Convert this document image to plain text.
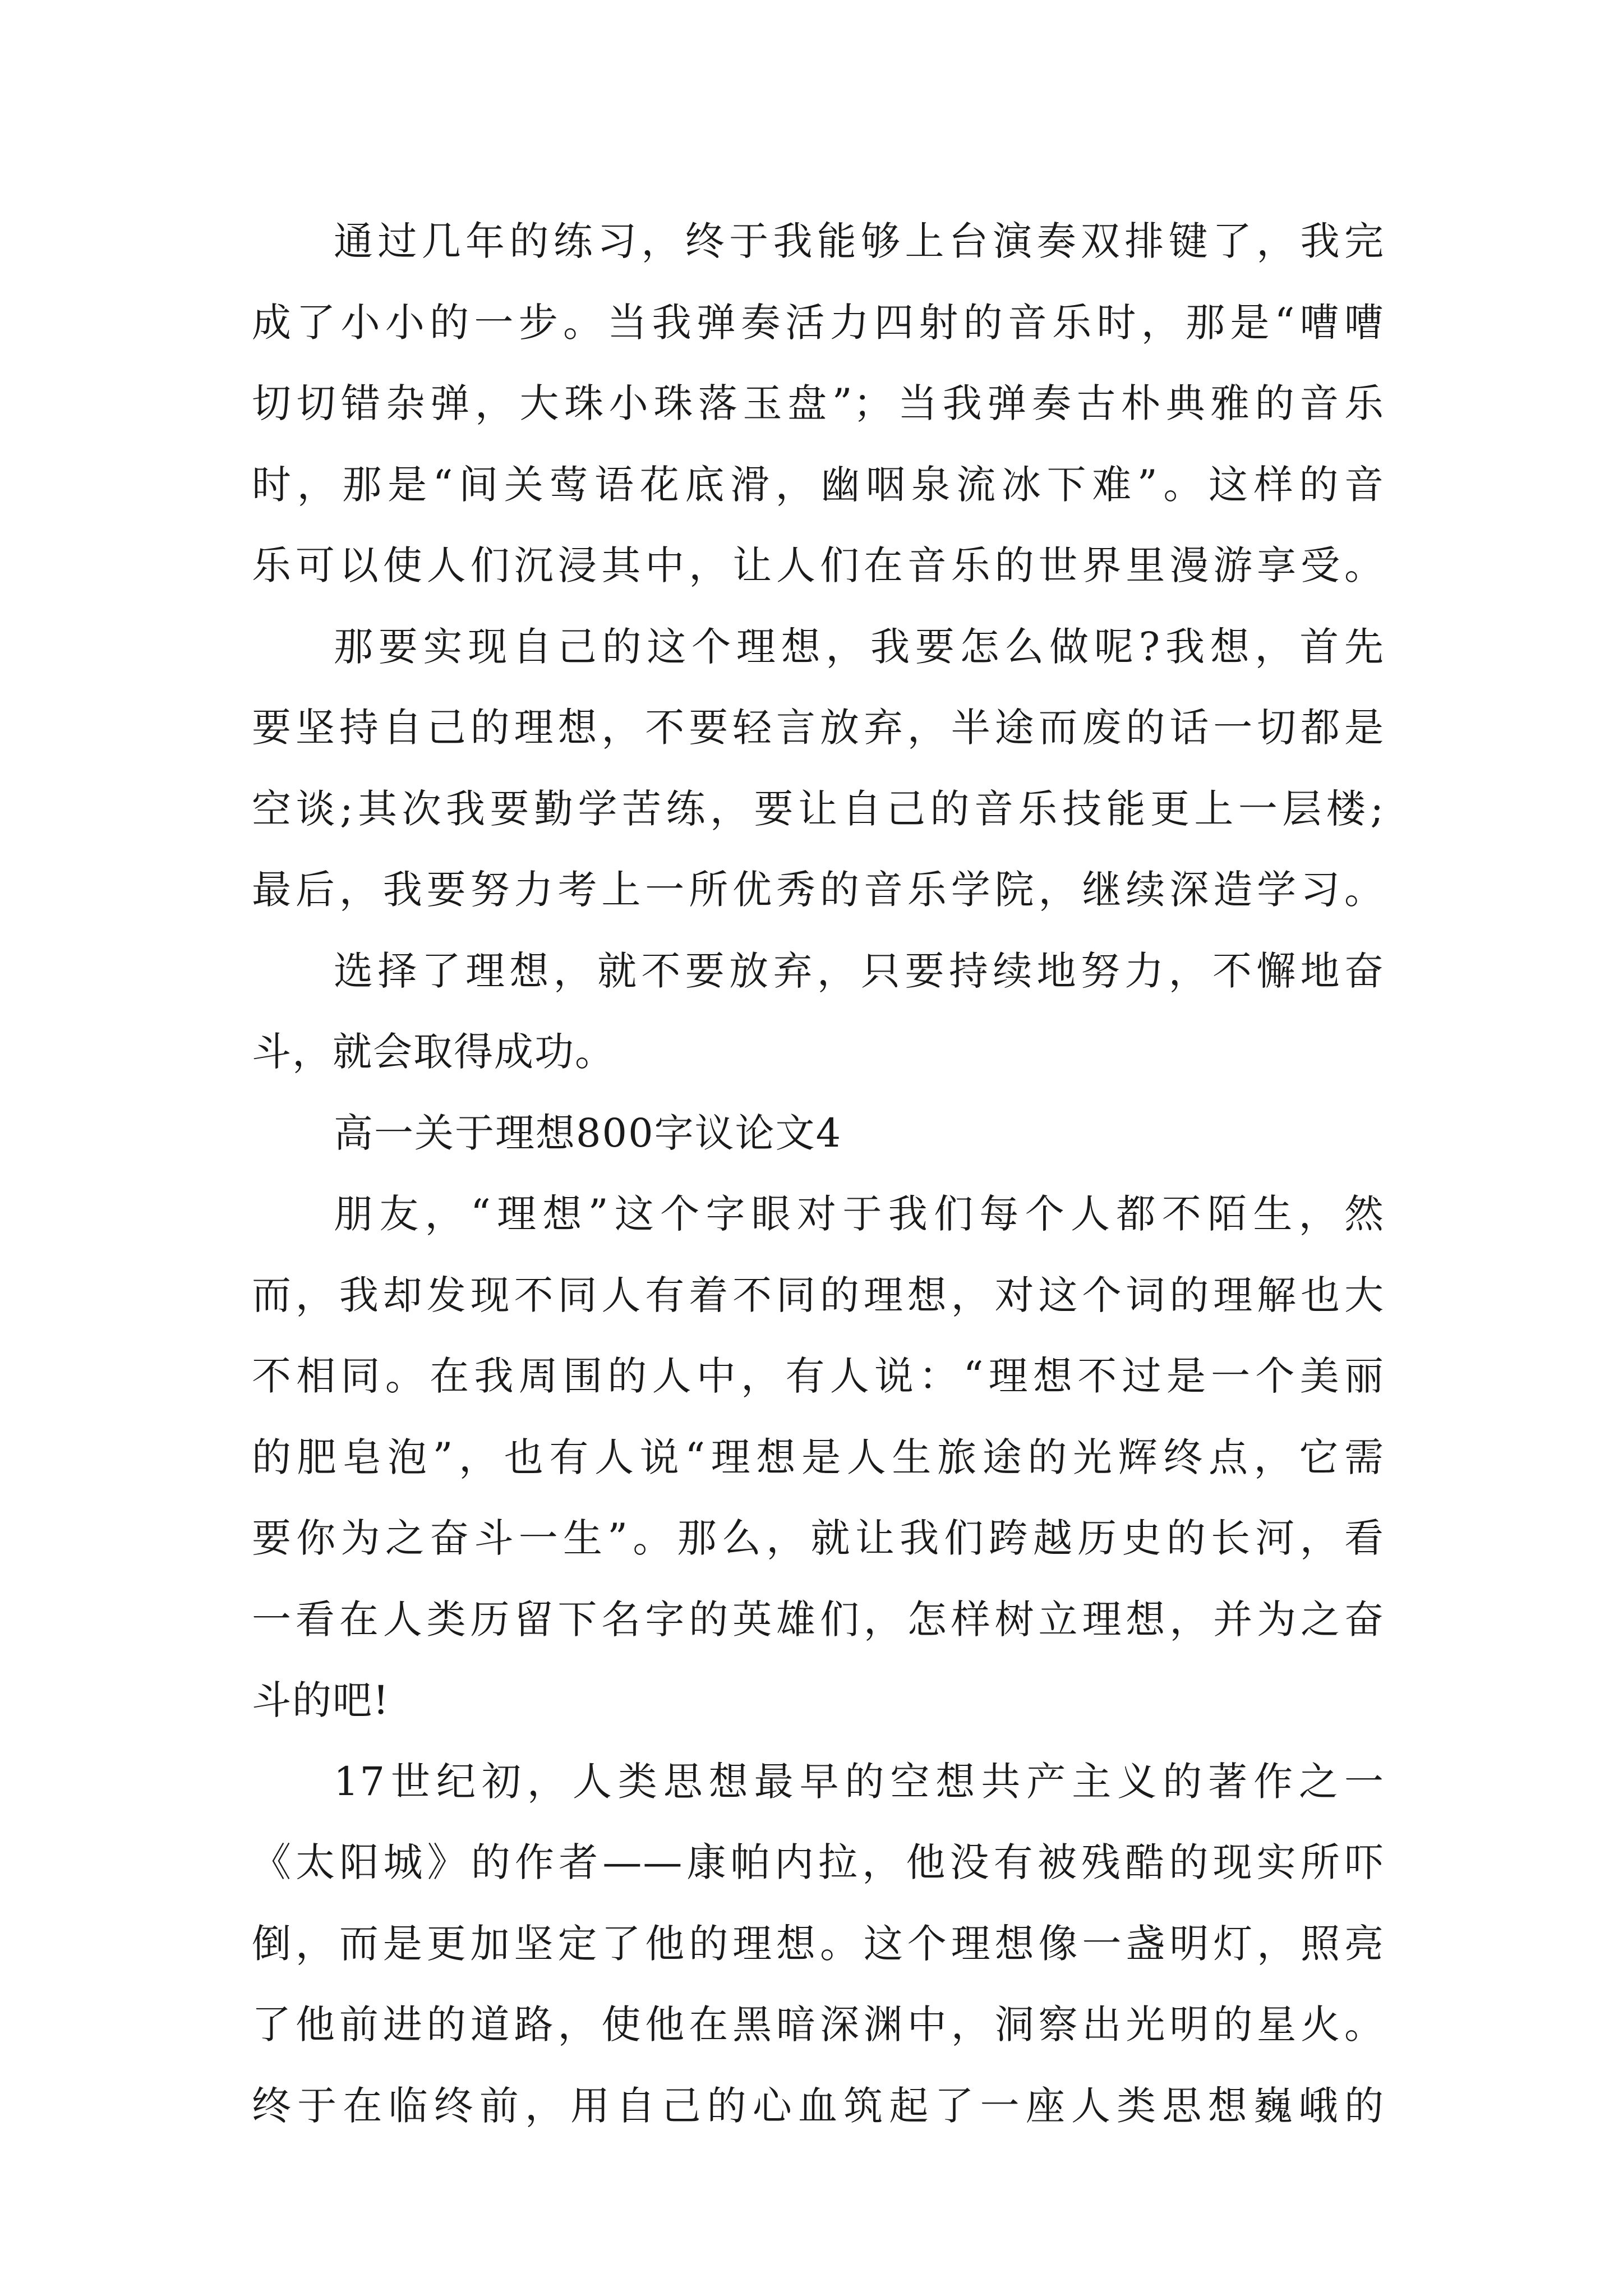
通过几年的练习，终于我能够上台演奏双排键了，我完
成了小小的一步。当我弹奏活力四射的音乐时，那是“嘈嘈
切切错杂弹，大珠小珠落玉盘”；当我弹奏古朴典雅的音乐
时，那是“间关莺语花底滑，幽咽泉流冰下难”。这样的音
乐可以使人们沉浸其中，让人们在音乐的世界里漫游享受。
那要实现自己的这个理想，我要怎么做呢?我想，首先
要坚持自己的理想，不要轻言放弃，半途而废的话一切都是
空谈;其次我要勤学苦练，要让自己的音乐技能更上一层楼;
最后，我要努力考上一所优秀的音乐学院，继续深造学习。
选择了理想，就不要放弃，只要持续地努力，不懈地奋
斗，就会取得成功。
高一关于理想800字议论文4
朋友，“理想”这个字眼对于我们每个人都不陌生，然
而，我却发现不同人有着不同的理想，对这个词的理解也大
不相同。在我周围的人中，有人说：“理想不过是一个美丽
的肥皂泡”，也有人说“理想是人生旅途的光辉终点，它需
要你为之奋斗一生”。那么，就让我们跨越历史的长河，看
一看在人类历留下名字的英雄们，怎样树立理想，并为之奋
斗的吧!
17世纪初，人类思想最早的空想共产主义的著作之一
《太阳城》的作者——康帕内拉，他没有被残酷的现实所吓
倒，而是更加坚定了他的理想。这个理想像一盏明灯，照亮
了他前进的道路，使他在黑暗深渊中，洞察出光明的星火。
终于在临终前，用自己的心血筑起了一座人类思想巍峨的
